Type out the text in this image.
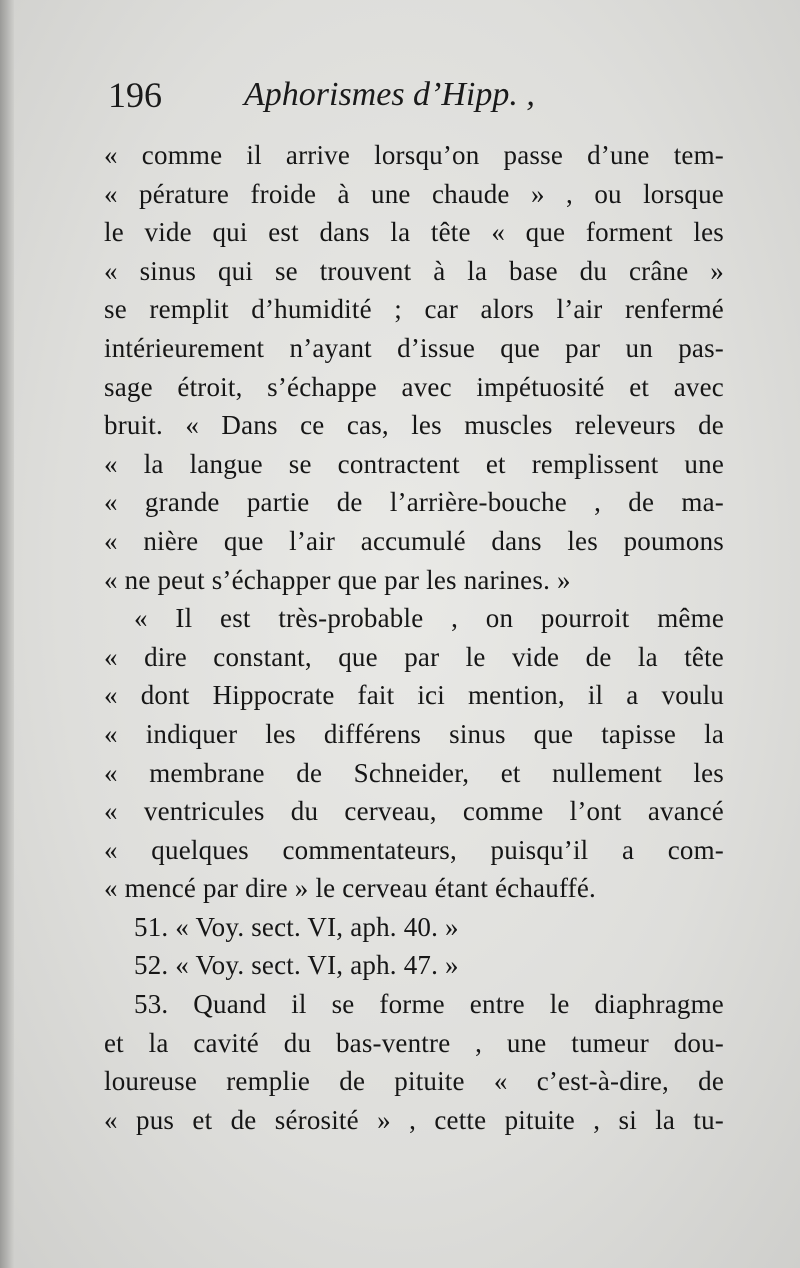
196 Aphorismes d’Hipp. ,
« comme il arrive lorsqu’on passe d’une tem-
« pérature froide à une chaude » , ou lorsque
le vide qui est dans la tête « que forment les
« sinus qui se trouvent à la base du crâne »
se remplit d’humidité ; car alors l’air renfermé
intérieurement n’ayant d’issue que par un pas-
sage étroit, s’échappe avec impétuosité et avec
bruit. « Dans ce cas, les muscles releveurs de
« la langue se contractent et remplissent une
« grande partie de l’arrière-bouche , de ma-
« nière que l’air accumulé dans les poumons
« ne peut s’échapper que par les narines. »
« Il est très-probable , on pourroit même
« dire constant, que par le vide de la tête
« dont Hippocrate fait ici mention, il a voulu
« indiquer les différens sinus que tapisse la
« membrane de Schneider, et nullement les
« ventricules du cerveau, comme l’ont avancé
« quelques commentateurs, puisqu’il a com-
« mencé par dire » le cerveau étant échauffé.
51. « Voy. sect. VI, aph. 40. »
52. « Voy. sect. VI, aph. 47. »
53. Quand il se forme entre le diaphragme
et la cavité du bas-ventre , une tumeur dou-
loureuse remplie de pituite « c’est-à-dire, de
« pus et de sérosité » , cette pituite , si la tu-
